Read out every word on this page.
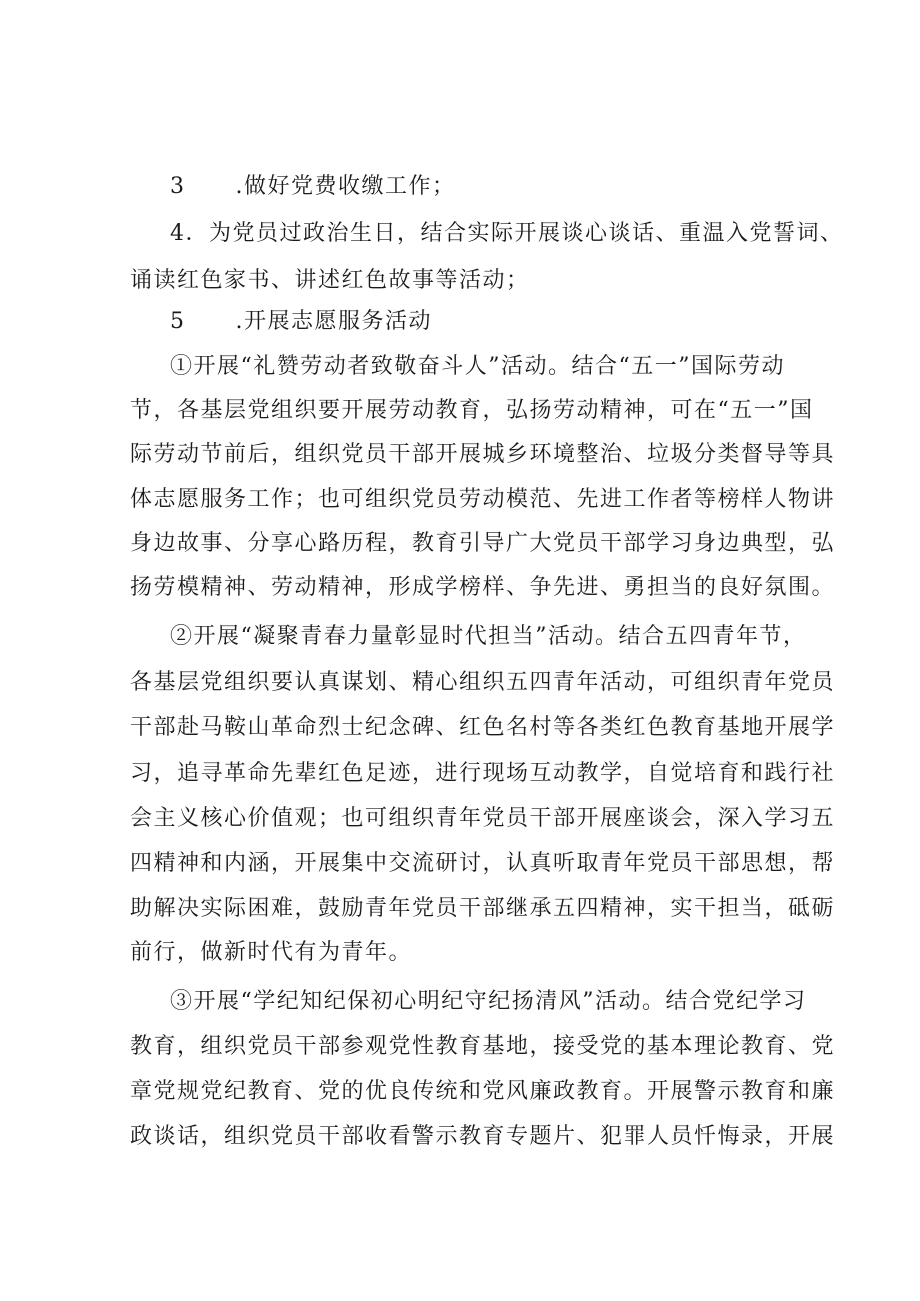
3 .做好党费收缴工作；
4．为党员过政治生日，结合实际开展谈心谈话、重温入党誓词、
诵读红色家书、讲述红色故事等活动；
5 .开展志愿服务活动
①开展“礼赞劳动者致敬奋斗人”活动。结合“五一”国际劳动
节，各基层党组织要开展劳动教育，弘扬劳动精神，可在“五一”国
际劳动节前后，组织党员干部开展城乡环境整治、垃圾分类督导等具
体志愿服务工作；也可组织党员劳动模范、先进工作者等榜样人物讲
身边故事、分享心路历程，教育引导广大党员干部学习身边典型，弘
扬劳模精神、劳动精神，形成学榜样、争先进、勇担当的良好氛围。
②开展“凝聚青春力量彰显时代担当”活动。结合五四青年节，
各基层党组织要认真谋划、精心组织五四青年活动，可组织青年党员
干部赴马鞍山革命烈士纪念碑、红色名村等各类红色教育基地开展学
习，追寻革命先辈红色足迹，进行现场互动教学，自觉培育和践行社
会主义核心价值观；也可组织青年党员干部开展座谈会，深入学习五
四精神和内涵，开展集中交流研讨，认真听取青年党员干部思想，帮
助解决实际困难，鼓励青年党员干部继承五四精神，实干担当，砥砺
前行，做新时代有为青年。
③开展“学纪知纪保初心明纪守纪扬清风”活动。结合党纪学习
教育，组织党员干部参观党性教育基地，接受党的基本理论教育、党
章党规党纪教育、党的优良传统和党风廉政教育。开展警示教育和廉
政谈话，组织党员干部收看警示教育专题片、犯罪人员忏悔录，开展
